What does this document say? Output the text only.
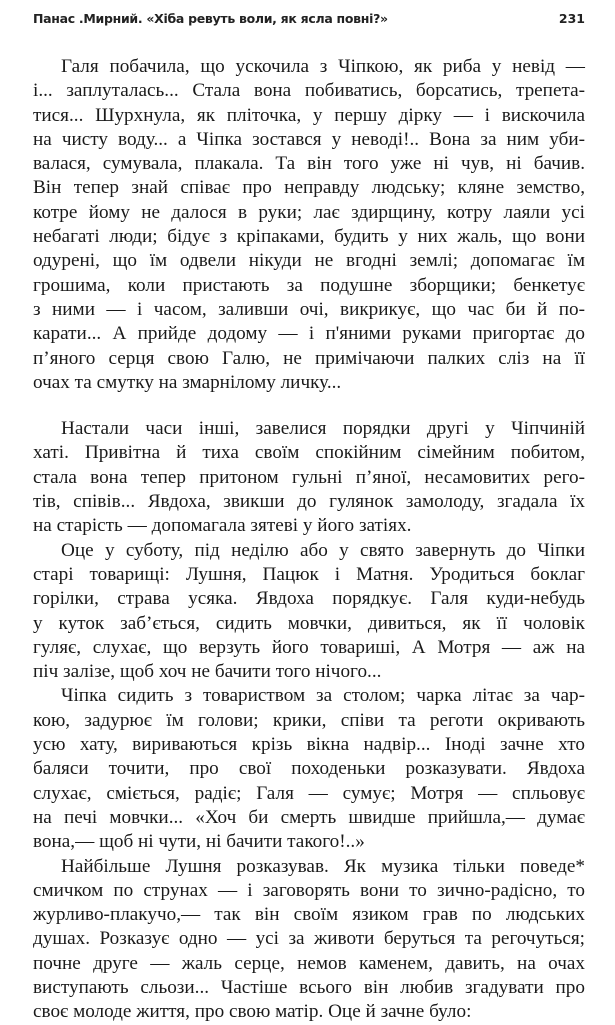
Панас .Мирний. «Хіба ревуть воли, як ясла повні?»	231
Галя побачила, що ускочила з Чіпкою, як риба у невід —
і... заплуталась... Стала вона побиватись, борсатись, трепета-
тися... Шурхнула, як пліточка, у першу дірку — і вискочила
на чисту воду... а Чіпка зостався у неводі!.. Вона за ним уби-
валася, сумувала, плакала. Та він того уже ні чув, ні бачив.
Він тепер знай співає про неправду людську; кляне земство,
котре йому не далося в руки; лає здирщину, котру лаяли усі
небагаті люди; бідує з кріпаками, будить у них жаль, що вони
одурені, що їм одвели нікуди не вгодні землі; допомагає їм
грошима, коли пристають за подушне зборщики; бенкетує
з ними — і часом, заливши очі, викрикує, що час би й по-
карати... А прийде додому — і п'яними руками пригортає до
п’яного серця свою Галю, не примічаючи палких сліз на її
очах та смутку на змарнілому личку...
Настали часи інші, завелися порядки другі у Чіпчиній
хаті. Привітна й тиха своїм спокійним сімейним побитом,
стала вона тепер притоном гульні п’яної, несамовитих рего-
тів, співів... Явдоха, звикши до гулянок замолоду, згадала їх
на старість — допомагала зятеві у його затіях.
Оце у суботу, під неділю або у свято завернуть до Чіпки
старі товарищі: Лушня, Пацюк і Матня. Уродиться боклаг
горілки, страва усяка. Явдоха порядкує. Галя куди-небудь
у куток заб’ється, сидить мовчки, дивиться, як її чоловік
гуляє, слухає, що верзуть його товариші, А Мотря — аж на
піч залізе, щоб хоч не бачити того нічого...
Чіпка сидить з товариством за столом; чарка літає за чар-
кою, задурює їм голови; крики, співи та реготи окривають
усю хату, вириваються крізь вікна надвір... Іноді зачне хто
баляси точити, про свої походеньки розказувати. Явдоха
слухає, сміється, радіє; Галя — сумує; Мотря — спльовує
на печі мовчки... «Хоч би смерть швидше прийшла,— думає
вона,— щоб ні чути, ні бачити такого!..»
Найбільше Лушня розказував. Як музика тільки поведе*
смичком по струнах — і заговорять вони то зично-радісно, то
журливо-плакучо,— так він своїм язиком грав по людських
душах. Розказує одно — усі за животи беруться та регочуться;
почне друге — жаль серце, немов каменем, давить, на очах
виступають сльози... Частіше всього він любив згадувати про
своє молоде життя, про свою матір. Оце й зачне було:
